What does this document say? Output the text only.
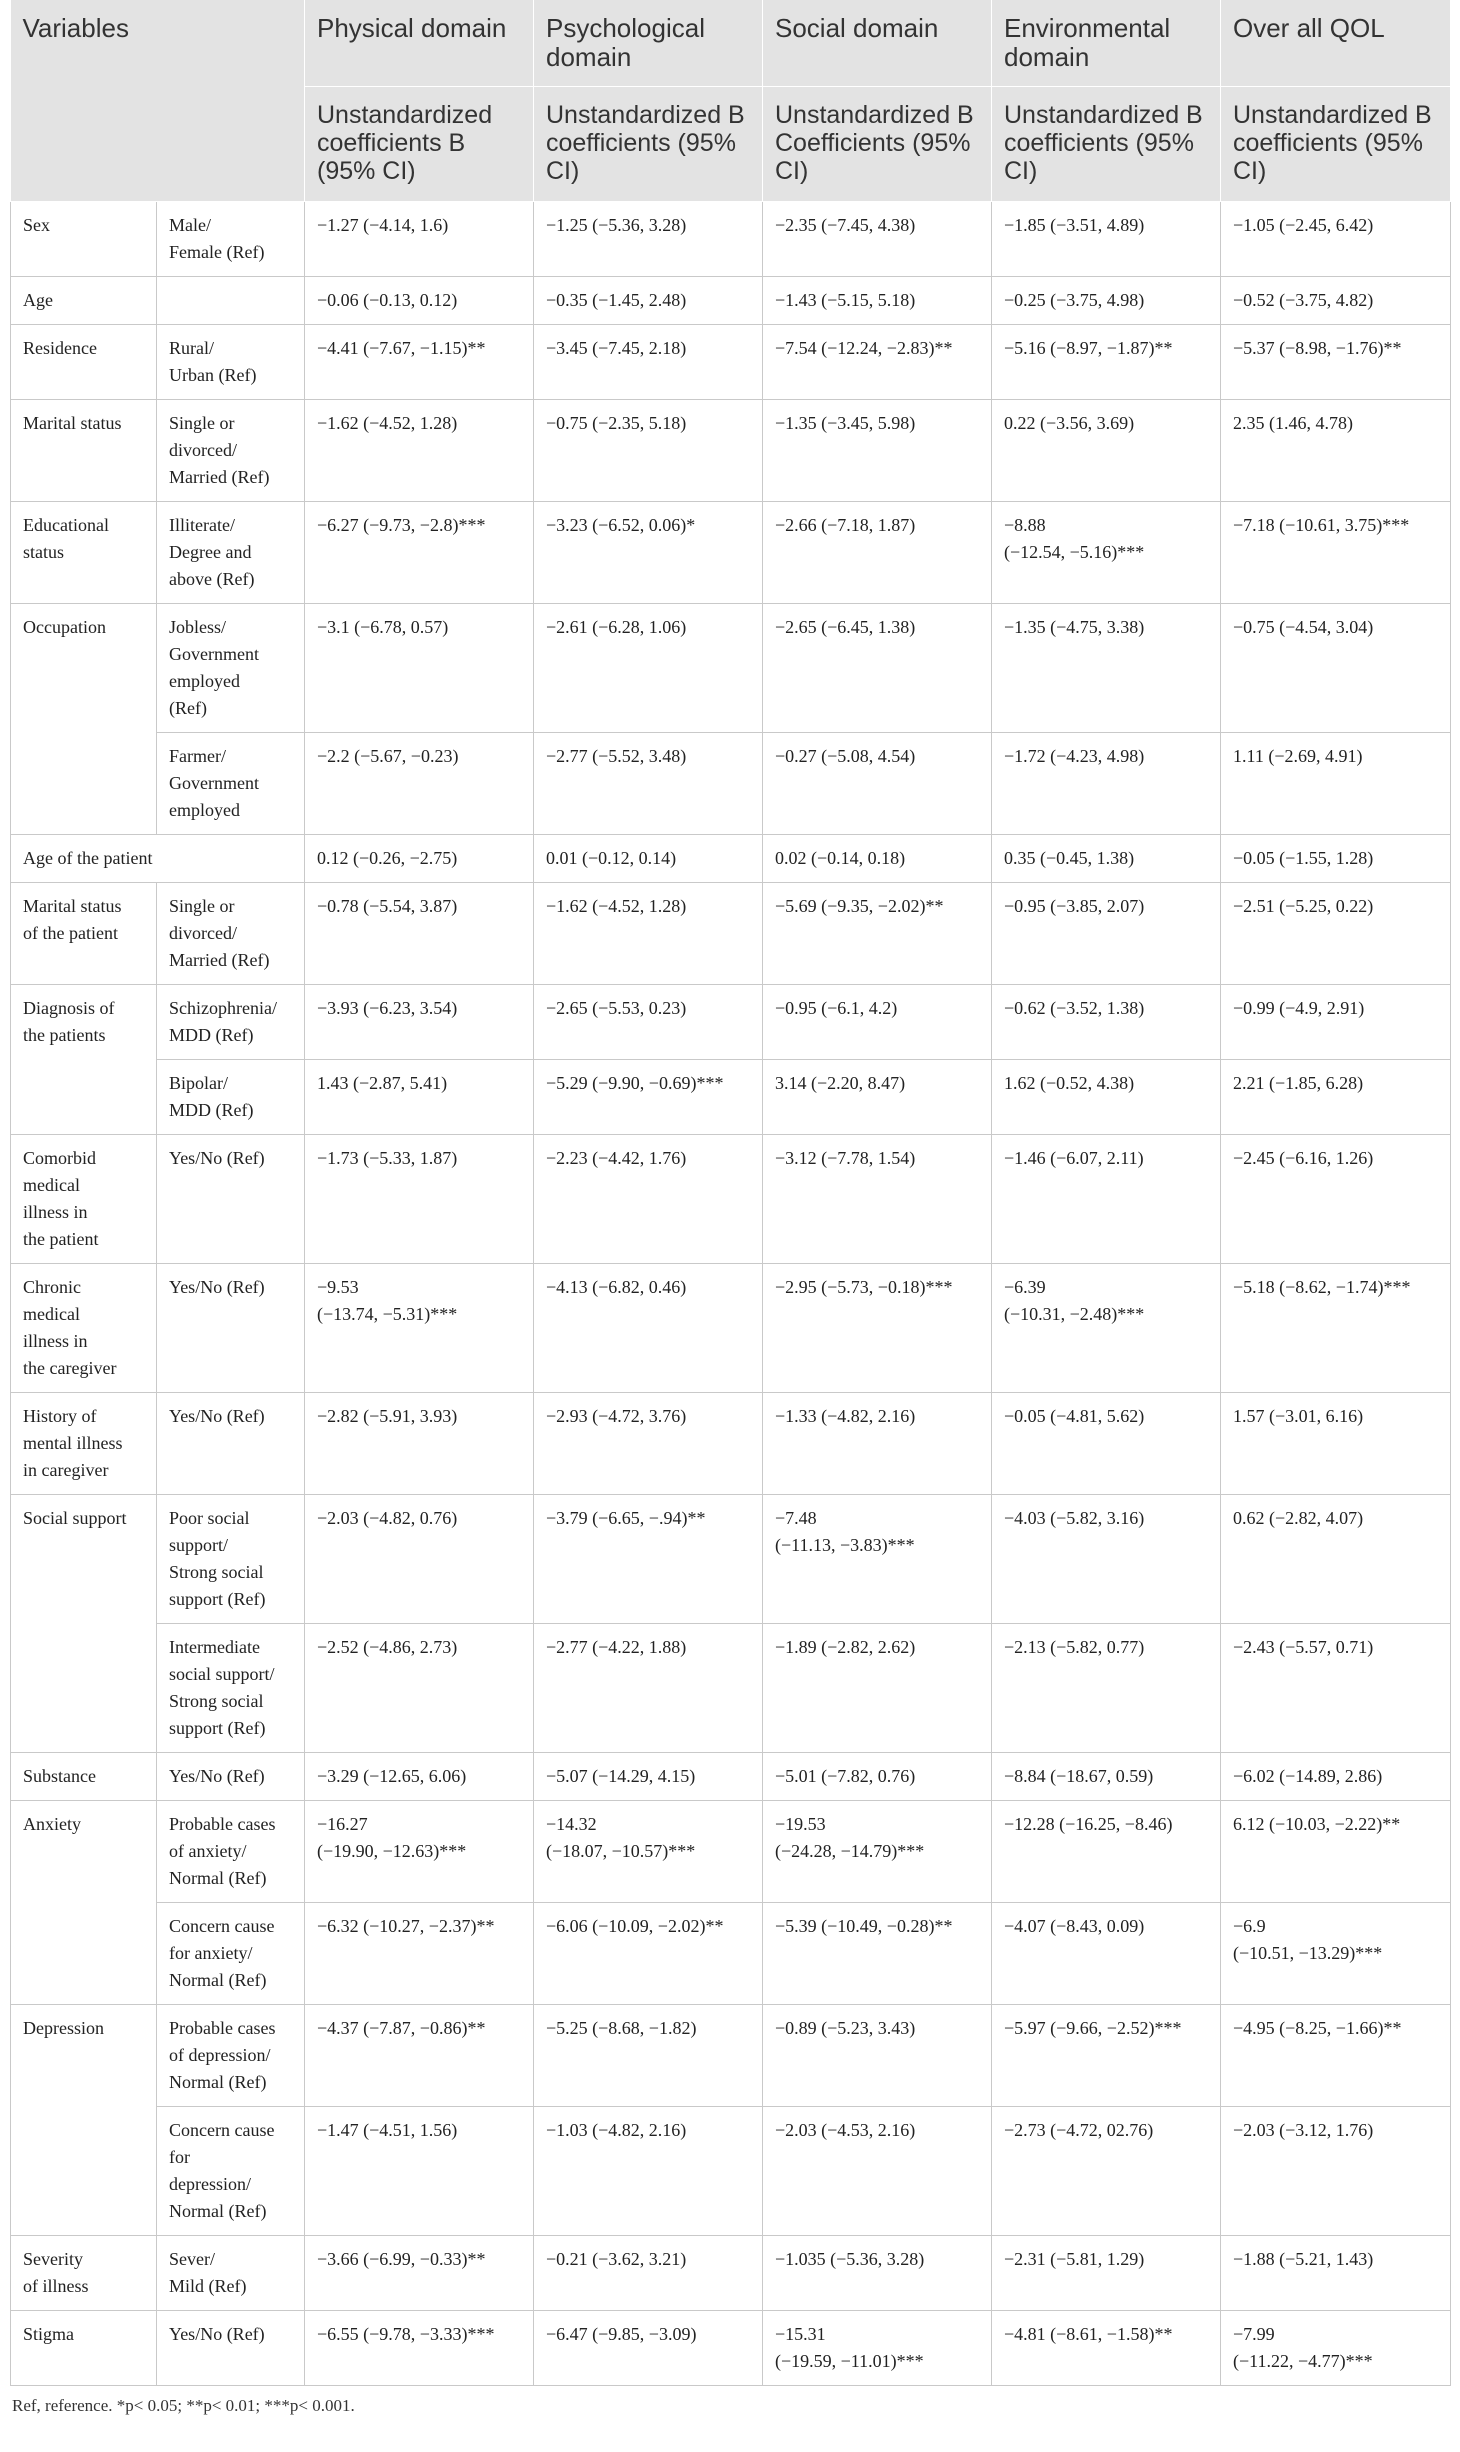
Variables		Physical domain	Psychological domain	Social domain	Environmental domain	Over all QOL
		Unstandardized coefficients B (95% CI)	Unstandardized B coefficients (95% CI)	Unstandardized B Coefficients (95% CI)	Unstandardized B coefficients (95% CI)	Unstandardized B coefficients (95% CI)
Sex	Male/
Female (Ref)	−1.27 (−4.14, 1.6)	−1.25 (−5.36, 3.28)	−2.35 (−7.45, 4.38)	−1.85 (−3.51, 4.89)	−1.05 (−2.45, 6.42)
Age		−0.06 (−0.13, 0.12)	−0.35 (−1.45, 2.48)	−1.43 (−5.15, 5.18)	−0.25 (−3.75, 4.98)	−0.52 (−3.75, 4.82)
Residence	Rural/
Urban (Ref)	−4.41 (−7.67, −1.15)**	−3.45 (−7.45, 2.18)	−7.54 (−12.24, −2.83)**	−5.16 (−8.97, −1.87)**	−5.37 (−8.98, −1.76)**
Marital status	Single or
divorced/
Married (Ref)	−1.62 (−4.52, 1.28)	−0.75 (−2.35, 5.18)	−1.35 (−3.45, 5.98)	0.22 (−3.56, 3.69)	2.35 (1.46, 4.78)
Educational
status	Illiterate/
Degree and
above (Ref)	−6.27 (−9.73, −2.8)***	−3.23 (−6.52, 0.06)*	−2.66 (−7.18, 1.87)	−8.88
(−12.54, −5.16)***	−7.18 (−10.61, 3.75)***
Occupation	Jobless/
Government
employed
(Ref)	−3.1 (−6.78, 0.57)	−2.61 (−6.28, 1.06)	−2.65 (−6.45, 1.38)	−1.35 (−4.75, 3.38)	−0.75 (−4.54, 3.04)
	Farmer/
Government
employed	−2.2 (−5.67, −0.23)	−2.77 (−5.52, 3.48)	−0.27 (−5.08, 4.54)	−1.72 (−4.23, 4.98)	1.11 (−2.69, 4.91)
Age of the patient		0.12 (−0.26, −2.75)	0.01 (−0.12, 0.14)	0.02 (−0.14, 0.18)	0.35 (−0.45, 1.38)	−0.05 (−1.55, 1.28)
Marital status
of the patient	Single or
divorced/
Married (Ref)	−0.78 (−5.54, 3.87)	−1.62 (−4.52, 1.28)	−5.69 (−9.35, −2.02)**	−0.95 (−3.85, 2.07)	−2.51 (−5.25, 0.22)
Diagnosis of
the patients	Schizophrenia/
MDD (Ref)	−3.93 (−6.23, 3.54)	−2.65 (−5.53, 0.23)	−0.95 (−6.1, 4.2)	−0.62 (−3.52, 1.38)	−0.99 (−4.9, 2.91)
	Bipolar/
MDD (Ref)	1.43 (−2.87, 5.41)	−5.29 (−9.90, −0.69)***	3.14 (−2.20, 8.47)	1.62 (−0.52, 4.38)	2.21 (−1.85, 6.28)
Comorbid
medical
illness in
the patient	Yes/No (Ref)	−1.73 (−5.33, 1.87)	−2.23 (−4.42, 1.76)	−3.12 (−7.78, 1.54)	−1.46 (−6.07, 2.11)	−2.45 (−6.16, 1.26)
Chronic
medical
illness in
the caregiver	Yes/No (Ref)	−9.53
(−13.74, −5.31)***	−4.13 (−6.82, 0.46)	−2.95 (−5.73, −0.18)***	−6.39
(−10.31, −2.48)***	−5.18 (−8.62, −1.74)***
History of
mental illness
in caregiver	Yes/No (Ref)	−2.82 (−5.91, 3.93)	−2.93 (−4.72, 3.76)	−1.33 (−4.82, 2.16)	−0.05 (−4.81, 5.62)	1.57 (−3.01, 6.16)
Social support	Poor social
support/
Strong social
support (Ref)	−2.03 (−4.82, 0.76)	−3.79 (−6.65, −.94)**	−7.48
(−11.13, −3.83)***	−4.03 (−5.82, 3.16)	0.62 (−2.82, 4.07)
	Intermediate
social support/
Strong social
support (Ref)	−2.52 (−4.86, 2.73)	−2.77 (−4.22, 1.88)	−1.89 (−2.82, 2.62)	−2.13 (−5.82, 0.77)	−2.43 (−5.57, 0.71)
Substance	Yes/No (Ref)	−3.29 (−12.65, 6.06)	−5.07 (−14.29, 4.15)	−5.01 (−7.82, 0.76)	−8.84 (−18.67, 0.59)	−6.02 (−14.89, 2.86)
Anxiety	Probable cases
of anxiety/
Normal (Ref)	−16.27
(−19.90, −12.63)***	−14.32
(−18.07, −10.57)***	−19.53
(−24.28, −14.79)***	−12.28 (−16.25, −8.46)	6.12 (−10.03, −2.22)**
	Concern cause
for anxiety/
Normal (Ref)	−6.32 (−10.27, −2.37)**	−6.06 (−10.09, −2.02)**	−5.39 (−10.49, −0.28)**	−4.07 (−8.43, 0.09)	−6.9
(−10.51, −13.29)***
Depression	Probable cases
of depression/
Normal (Ref)	−4.37 (−7.87, −0.86)**	−5.25 (−8.68, −1.82)	−0.89 (−5.23, 3.43)	−5.97 (−9.66, −2.52)***	−4.95 (−8.25, −1.66)**
	Concern cause
for
depression/
Normal (Ref)	−1.47 (−4.51, 1.56)	−1.03 (−4.82, 2.16)	−2.03 (−4.53, 2.16)	−2.73 (−4.72, 02.76)	−2.03 (−3.12, 1.76)
Severity
of illness	Sever/
Mild (Ref)	−3.66 (−6.99, −0.33)**	−0.21 (−3.62, 3.21)	−1.035 (−5.36, 3.28)	−2.31 (−5.81, 1.29)	−1.88 (−5.21, 1.43)
Stigma	Yes/No (Ref)	−6.55 (−9.78, −3.33)***	−6.47 (−9.85, −3.09)	−15.31
(−19.59, −11.01)***	−4.81 (−8.61, −1.58)**	−7.99
(−11.22, −4.77)***
Ref, reference. *p< 0.05; **p< 0.01; ***p< 0.001.
